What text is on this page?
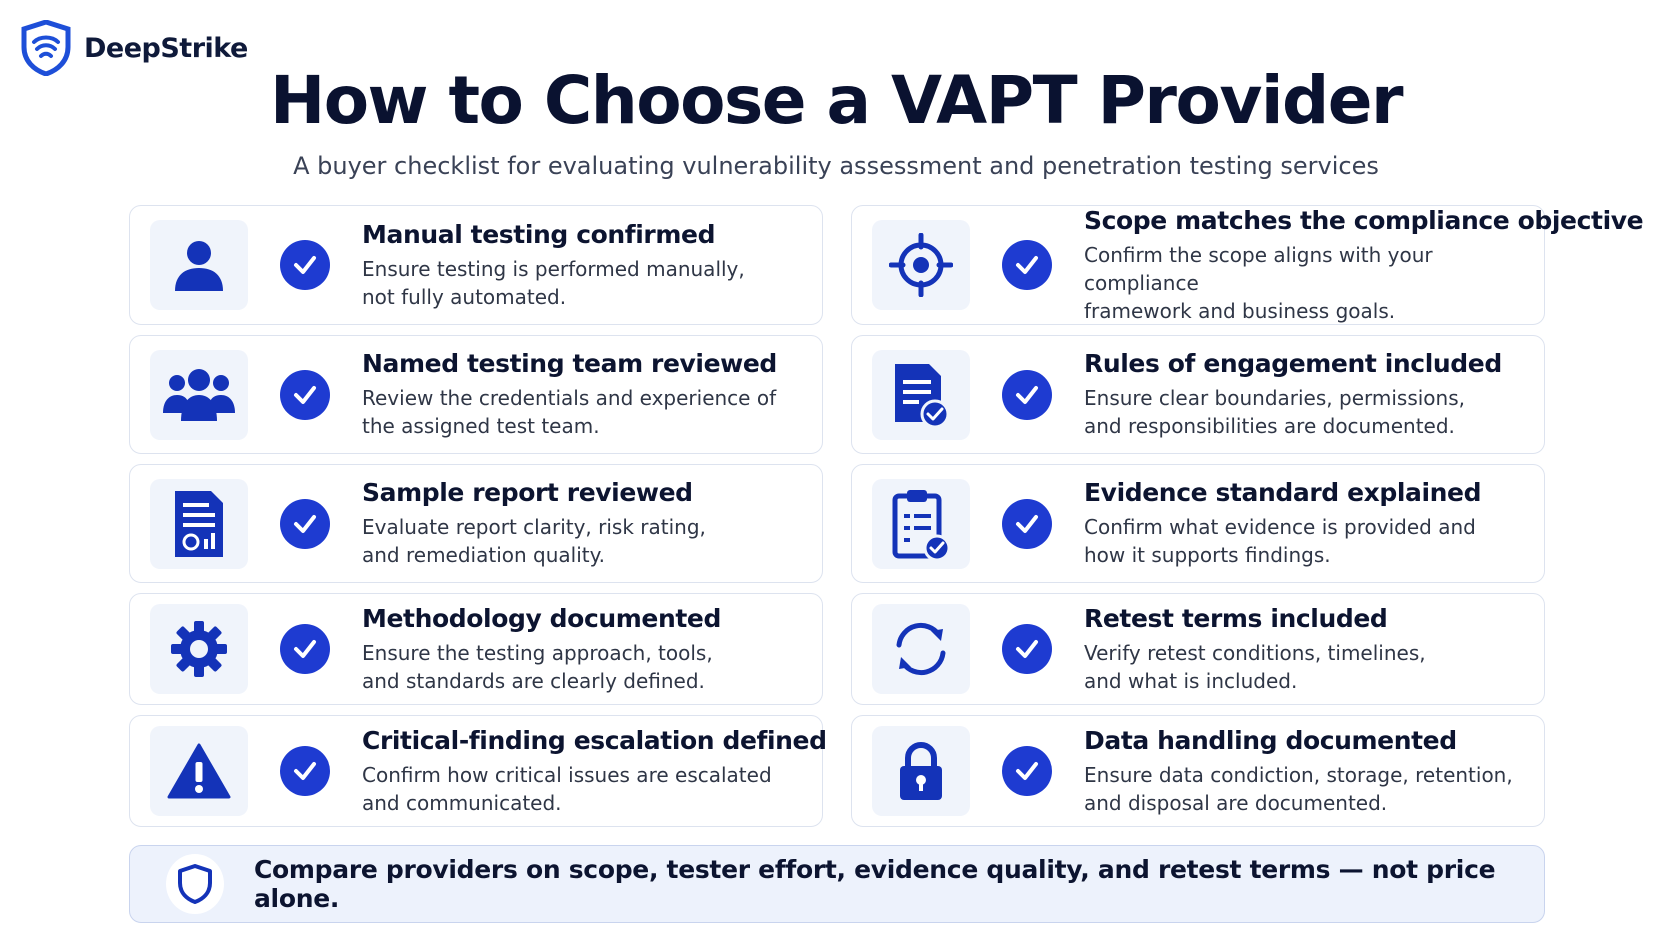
DeepStrike
How to Choose a VAPT Provider

A buyer checklist for evaluating vulnerability assessment and penetration testing services

Manual testing confirmed
Ensure testing is performed manually,
not fully automated.
Scope matches the compliance objective
Confirm the scope aligns with your compliance
framework and business goals.
Named testing team reviewed
Review the credentials and experience of
the assigned test team.
Rules of engagement included
Ensure clear boundaries, permissions,
and responsibilities are documented.
Sample report reviewed
Evaluate report clarity, risk rating,
and remediation quality.
Evidence standard explained
Confirm what evidence is provided and
how it supports findings.
Methodology documented
Ensure the testing approach, tools,
and standards are clearly defined.
Retest terms included
Verify retest conditions, timelines,
and what is included.
Critical-finding escalation defined
Confirm how critical issues are escalated
and communicated.
Data handling documented
Ensure data condiction, storage, retention,
and disposal are documented.
Compare providers on scope, tester effort, evidence quality, and retest terms — not price alone.
